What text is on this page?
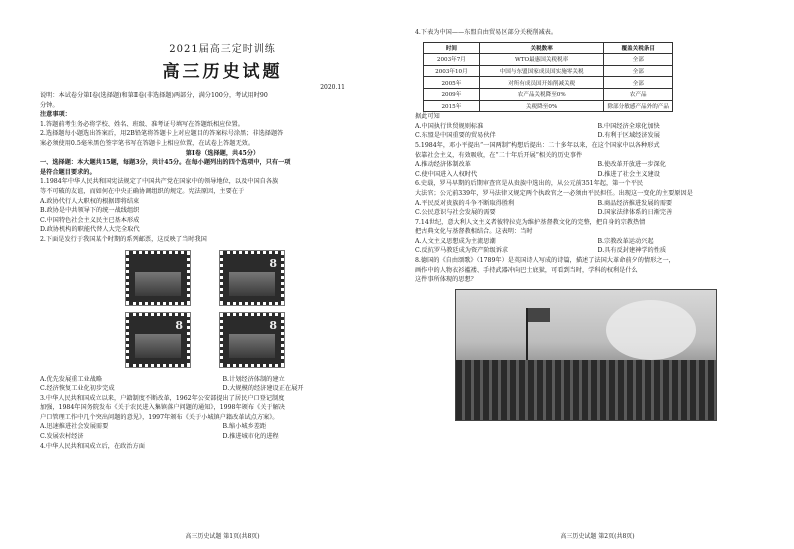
2021届高三定时训练
高三历史试题
2020.11
说明：本试卷分第Ⅰ卷(选择题)和第Ⅱ卷(非选择题)两部分，满分100分，考试用时90
分钟。
注意事项：
1.答题前考生务必将学校、姓名、班级、准考证号填写在答题纸相应位置。
2.选择题每小题选出答案后，用2B铅笔将答题卡上对应题目的答案标号涂黑；非选择题答
案必须使用0.5毫米黑色签字笔书写在答题卡上相应位置，在试卷上答题无效。
第Ⅰ卷（选择题，共45分）
一、选择题：本大题共15题，每题3分，共计45分。在每小题列出的四个选项中，只有一项
是符合题目要求的。
1.1984年中华人民共和国宪法规定了中国共产党在国家中的领导地位，以及中国自各族
等不可破的友谊，而如何在中央正确协调组织的规定。宪法原因，主要在于
A.政协代行人大职权的根据即将结束
B.政协是中共领导下的统一战线组织
C.中国特色社会主义民主已基本形成
D.政协机构的职能代替人大完全取代
2.下面是发行于我国某个时期的系列邮票，这反映了当时我国
8
8	8
A.优先发展重工业战略	B.计划经济体制的建立
C.经济恢复工业化初步完成	D.大规模的经济建设正在展开
3.中华人民共和国成立以来，户籍制度不断改革，1962年公安部提出了居民户口登记制度
加强，1984年国务院发布《关于农民进入集镇落户问题的通知》，1998年颁布《关于解决
户口管理工作中几个突出问题的意见》，1997年颁布《关于小城镇户籍改革试点方案》。
A.迅速推进社会发展需要	B.缩小城乡差距
C.发展农村经济	D.推进城市化的进程
4.中华人民共和国成立后，在政治方面
高三历史试题 第1页(共8页)
4.下表为中国——东盟自由贸易区部分关税削减表。
时间	关税数率	覆盖关税条目
2003年7月	WTO最惠国关税税率	全部
2003年10月	中国与东盟国家成员国实施零关税	全部
2005年	对所有成员国开始削减关税	全部
2009年	农产品关税降至0%	农产品
2015年	关税降至0%	除部分敏感产品外的产品
据此可知
A.中国执行世贸规则标准	B.中国经济全球化加快
C.东盟是中国重要的贸易伙伴	D.有利于区域经济发展
5.1984年，邓小平提出“一国两制”构想后提出：二十多年以来，在这个国家中以各种形式
依靠社会主义，有效吸收，在“二十年后开展”相关的历史事件
A.推动经济体制改革	B.使改革开放进一步深化
C.使中国进入人权时代	D.推进了社会主义建设
6.史载，罗马早期的后期审查官是从贵族中选出的，从公元前351年起，第一个平民
大法官；公元前339年，罗马法律又规定两个执政官之一必须由平民担任。出现这一变化的主要原因是
A.平民反对贵族的斗争不断取得胜利	B.商品经济推进发展的需要
C.公民意识与社会发展的需要	D.国家法律体系的日渐完善
7.14世纪，意大利人文主义者彼特拉克为维护基督教文化的完整，把自身的宗教热情
把古典文化与基督教相结合。这表明：当时
A.人文主义思想成为主流思潮	B.宗教改革运动兴起
C.反抗罗马教廷成为资产阶级诉求	D.具有反封建神学的性质
8.德国的《自由颂歌》（1789年）是英国诗人写成的诗篇，描述了法国大革命前夕的情形之一，
画作中的人物衣衫褴褛、手持武器冲向巴士底狱，可看到当时，学科的权利是什么
这件事所体现的思想？
高三历史试题 第2页(共8页)
